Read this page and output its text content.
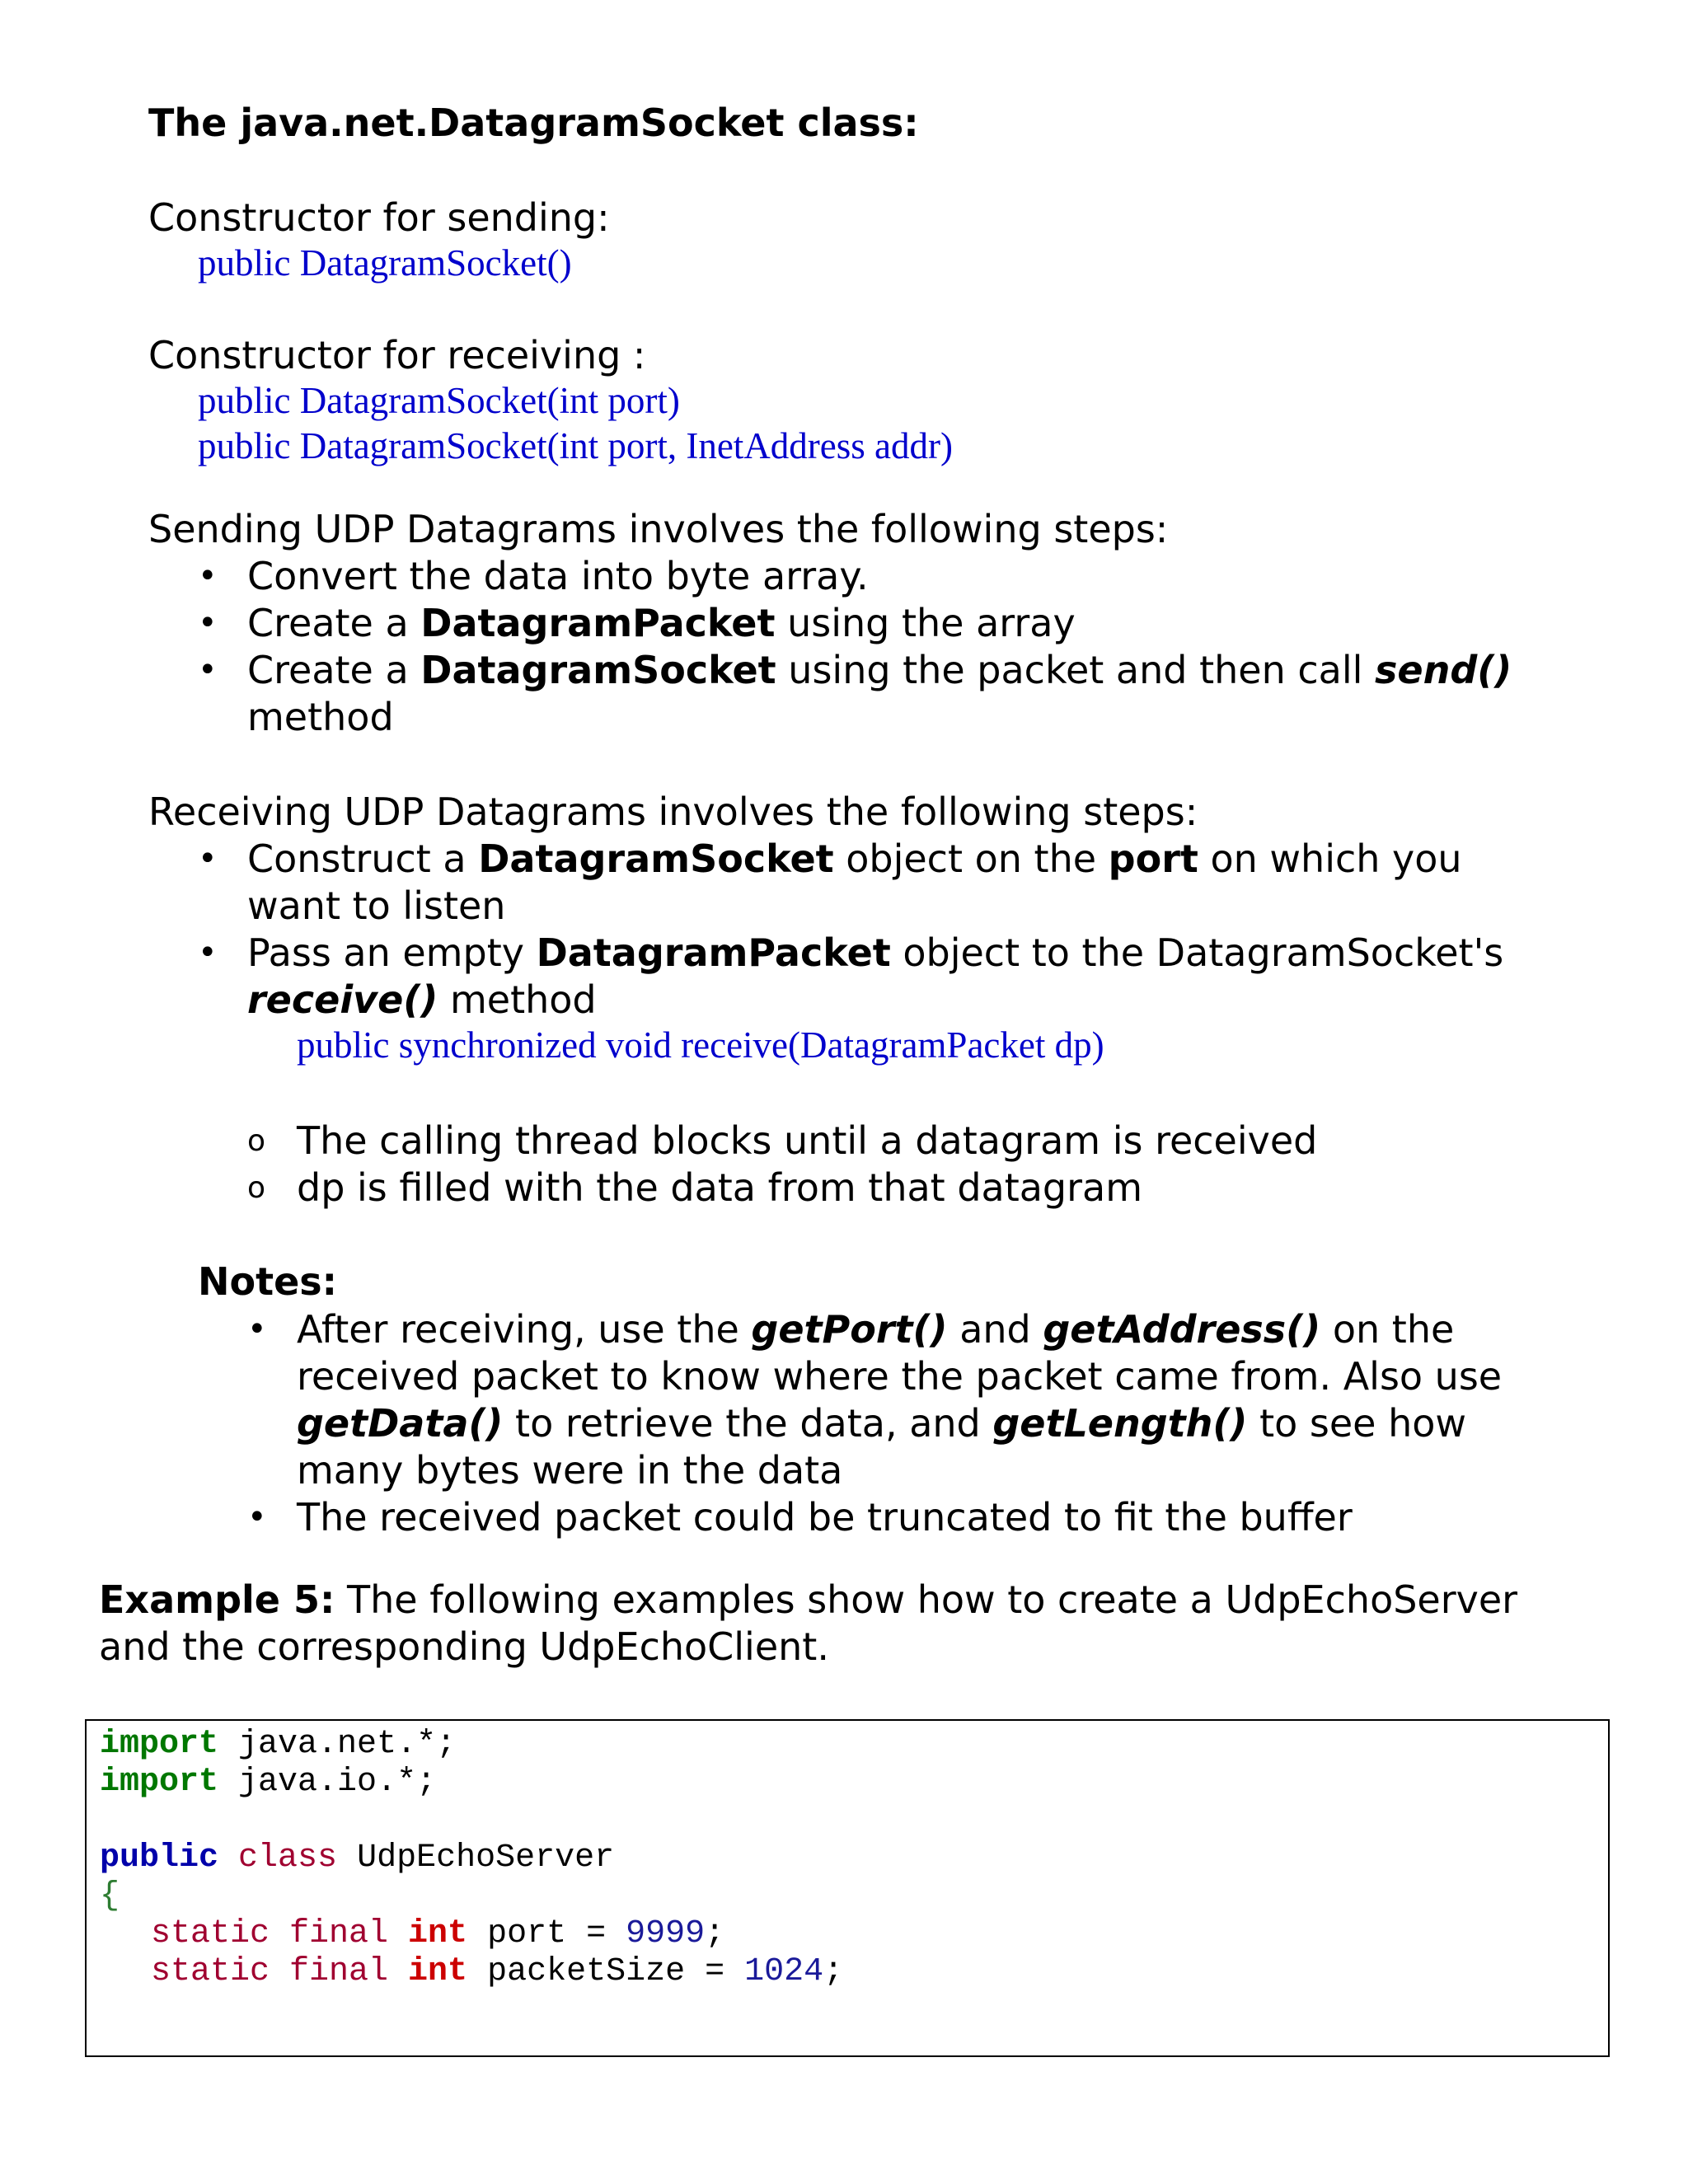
The java.net.DatagramSocket class:
Constructor for sending:
public DatagramSocket()
Constructor for receiving :
public DatagramSocket(int port)
public DatagramSocket(int port, InetAddress addr)
Sending UDP Datagrams involves the following steps:
• Convert the data into byte array.
• Create a DatagramPacket using the array
• Create a DatagramSocket using the packet and then call send()
method
Receiving UDP Datagrams involves the following steps:
• Construct a DatagramSocket object on the port on which you
want to listen
• Pass an empty DatagramPacket object to the DatagramSocket's
receive() method
public synchronized void receive(DatagramPacket dp)
o The calling thread blocks until a datagram is received
o dp is filled with the data from that datagram
Notes:
• After receiving, use the getPort() and getAddress() on the
received packet to know where the packet came from. Also use
getData() to retrieve the data, and getLength() to see how
many bytes were in the data
• The received packet could be truncated to fit the buffer
Example 5: The following examples show how to create a UdpEchoServer
and the corresponding UdpEchoClient.
import java.net.*;
import java.io.*;
public class UdpEchoServer
{
static final int port = 9999;
static final int packetSize = 1024;
